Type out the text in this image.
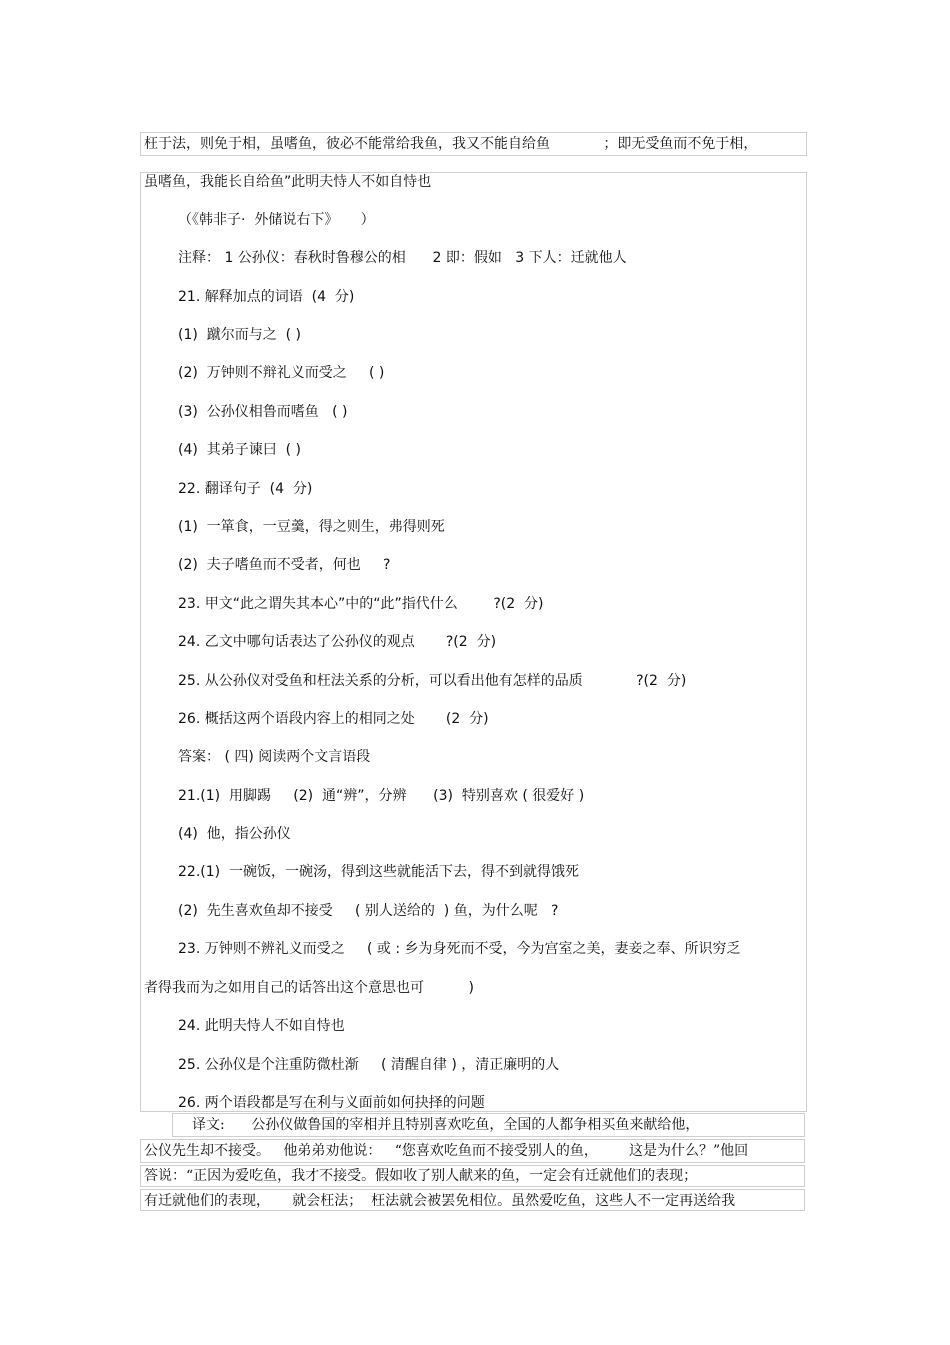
枉于法，则免于相，虽嗜鱼，彼必不能常给我鱼，我又不能自给鱼            ；即无受鱼而不免于相，
虽嗜鱼，我能长自给鱼”此明夫恃人不如自恃也
（《韩非子·  外储说右下》     ）
注释： 1 公孙仪：春秋时鲁穆公的相      2 即：假如   3 下人：迁就他人
21. 解释加点的词语  (4  分)
(1)  蹴尔而与之  ( )
(2)  万钟则不辩礼义而受之     ( )
(3)  公孙仪相鲁而嗜鱼   ( )
(4)  其弟子谏曰  ( )
22. 翻译句子  (4  分)
(1)  一箪食，一豆羹，得之则生，弗得则死
(2)  夫子嗜鱼而不受者，何也     ?
23. 甲文“此之谓失其本心”中的“此”指代什么        ?(2  分)
24. 乙文中哪句话表达了公孙仪的观点       ?(2  分)
25. 从公孙仪对受鱼和枉法关系的分析，可以看出他有怎样的品质            ?(2  分)
26. 概括这两个语段内容上的相同之处       (2  分)
答案： ( 四) 阅读两个文言语段
21.(1)  用脚踢     (2)  通“辨”，分辨      (3)  特别喜欢 ( 很爱好 )
(4)  他，指公孙仪
22.(1)  一碗饭，一碗汤，得到这些就能活下去，得不到就得饿死
(2)  先生喜欢鱼却不接受     ( 别人送给的  ) 鱼，为什么呢   ?
23. 万钟则不辨礼义而受之     ( 或 : 乡为身死而不受，今为宫室之美，妻妾之奉、所识穷乏
者得我而为之如用自己的话答出这个意思也可          )
24. 此明夫恃人不如自恃也
25. 公孙仪是个注重防微杜渐     ( 清醒自律 ) ，清正廉明的人
26. 两个语段都是写在利与义面前如何抉择的问题
译文:      公孙仪做鲁国的宰相并且特别喜欢吃鱼，全国的人都争相买鱼来献给他，
公仪先生却不接受。   他弟弟劝他说：   “您喜欢吃鱼而不接受别人的鱼，       这是为什么？”他回
答说：“正因为爱吃鱼，我才不接受。假如收了别人献来的鱼，一定会有迁就他们的表现；
有迁就他们的表现，     就会枉法；  枉法就会被罢免相位。虽然爱吃鱼，这些人不一定再送给我
